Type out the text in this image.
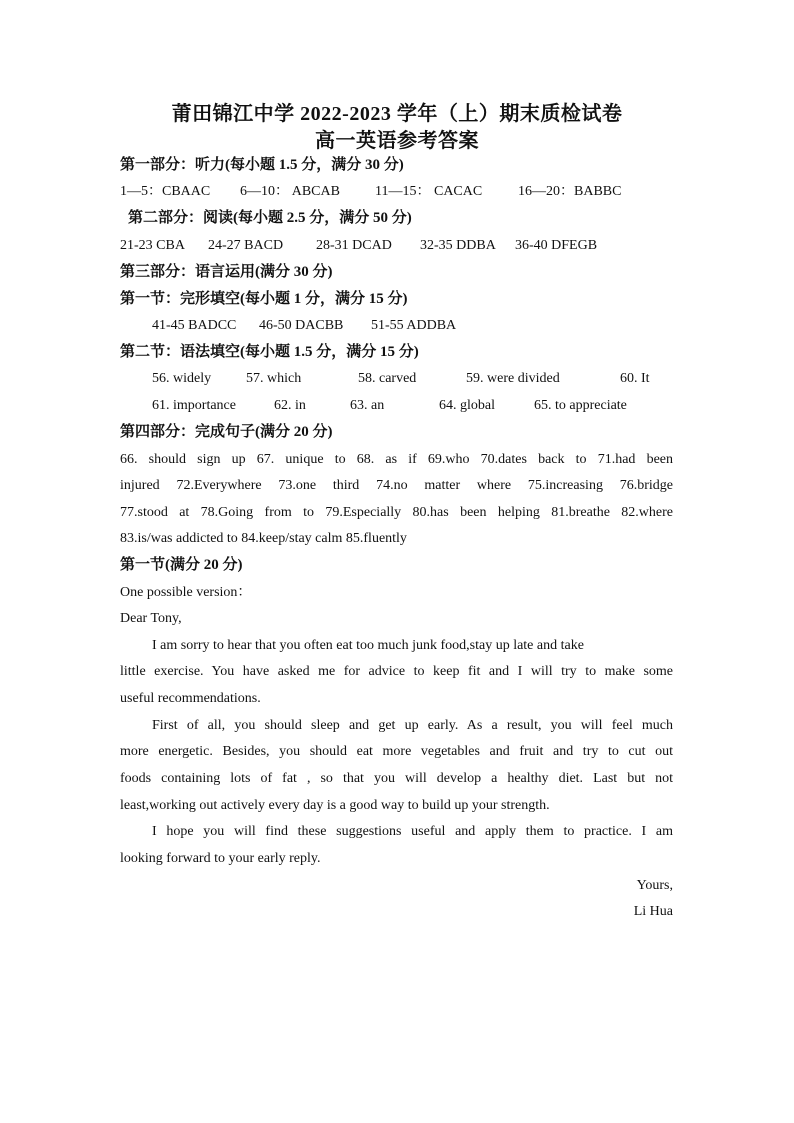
莆田锦江中学 2022-2023 学年（上）期末质检试卷
高一英语参考答案
第一部分：听力(每小题 1.5 分，满分 30 分)
1—5：CBAAC 6—10： ABCAB	11—15： CACAC	16—20：BABBC
第二部分：阅读(每小题 2.5 分，满分 50 分)
21-23 CBA 24-27 BACD 28-31 DCAD 32-35 DDBA 36-40 DFEGB
第三部分：语言运用(满分 30 分)
第一节：完形填空(每小题 1 分，满分 15 分)
41-45 BADCC 46-50 DACBB 51-55 ADDBA
第二节：语法填空(每小题 1.5 分，满分 15 分)
56. widely 57. which	58. carved	59. were divided	60. It
61. importance	62. in	63. an	64. global	65. to appreciate
第四部分：完成句子(满分 20 分)
66. should sign up 67. unique to 68. as if 69.who 70.dates back to 71.had been
injured 72.Everywhere 73.one third 74.no matter where 75.increasing 76.bridge
77.stood at 78.Going from to 79.Especially 80.has been helping 81.breathe 82.where
83.is/was addicted to 84.keep/stay calm 85.fluently
第一节(满分 20 分)
One possible version：
Dear Tony,
I am sorry to hear that you often eat too much junk food,stay up late and take
little exercise. You have asked me for advice to keep fit and I will try to make some
useful recommendations.
First of all, you should sleep and get up early. As a result, you will feel much
more energetic. Besides, you should eat more vegetables and fruit and try to cut out
foods containing lots of fat , so that you will develop a healthy diet. Last but not
least,working out actively every day is a good way to build up your strength.
I hope you will find these suggestions useful and apply them to practice. I am
looking forward to your early reply.
Yours,
Li Hua
